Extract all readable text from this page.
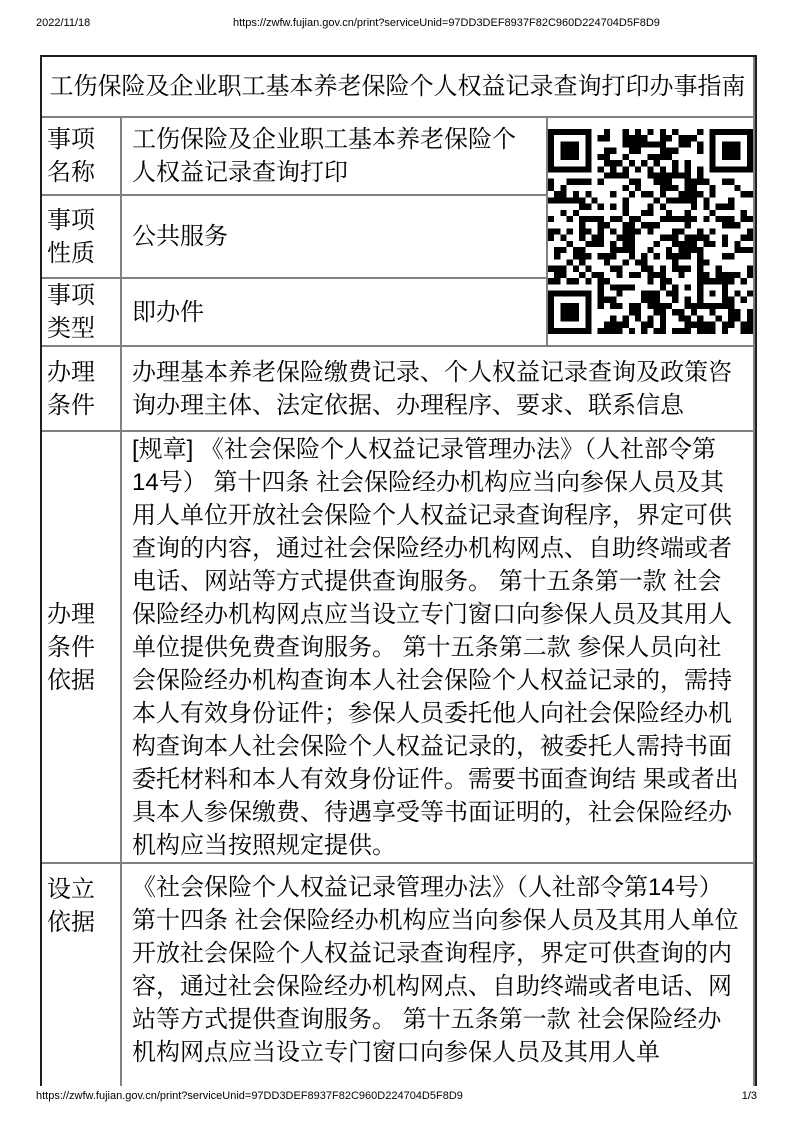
2022/11/18	https://zwfw.fujian.gov.cn/print?serviceUnid=97DD3DEF8937F82C960D224704D5F8D9
工伤保险及企业职工基本养老保险个人权益记录查询打印办事指南		
事项名称	工伤保险及企业职工基本养老保险个人权益记录查询打印	

事项性质	公共服务	
事项类型	即办件	
办理条件	办理基本养老保险缴费记录、个人权益记录查询及政策咨询办理主体、法定依据、办理程序、要求、联系信息	
办理条件依据	[规章] 《社会保险个人权益记录管理办法》（人社部令第14号） 第十四条 社会保险经办机构应当向参保人员及其用人单位开放社会保险个人权益记录查询程序，界定可供查询的内容，通过社会保险经办机构网点、自助终端或者电话、网站等方式提供查询服务。 第十五条第一款 社会保险经办机构网点应当设立专门窗口向参保人员及其用人单位提供免费查询服务。 第十五条第二款 参保人员向社会保险经办机构查询本人社会保险个人权益记录的，需持本人有效身份证件；参保人员委托他人向社会保险经办机构查询本人社会保险个人权益记录的，被委托人需持书面委托材料和本人有效身份证件。需要书面查询结 果或者出具本人参保缴费、待遇享受等书面证明的，社会保险经办机构应当按照规定提供。	
设立依据	《社会保险个人权益记录管理办法》（人社部令第14号）第十四条 社会保险经办机构应当向参保人员及其用人单位开放社会保险个人权益记录查询程序，界定可供查询的内容，通过社会保险经办机构网点、自助终端或者电话、网站等方式提供查询服务。 第十五条第一款 社会保险经办机构网点应当设立专门窗口向参保人员及其用人单	
https://zwfw.fujian.gov.cn/print?serviceUnid=97DD3DEF8937F82C960D224704D5F8D9	1/3
